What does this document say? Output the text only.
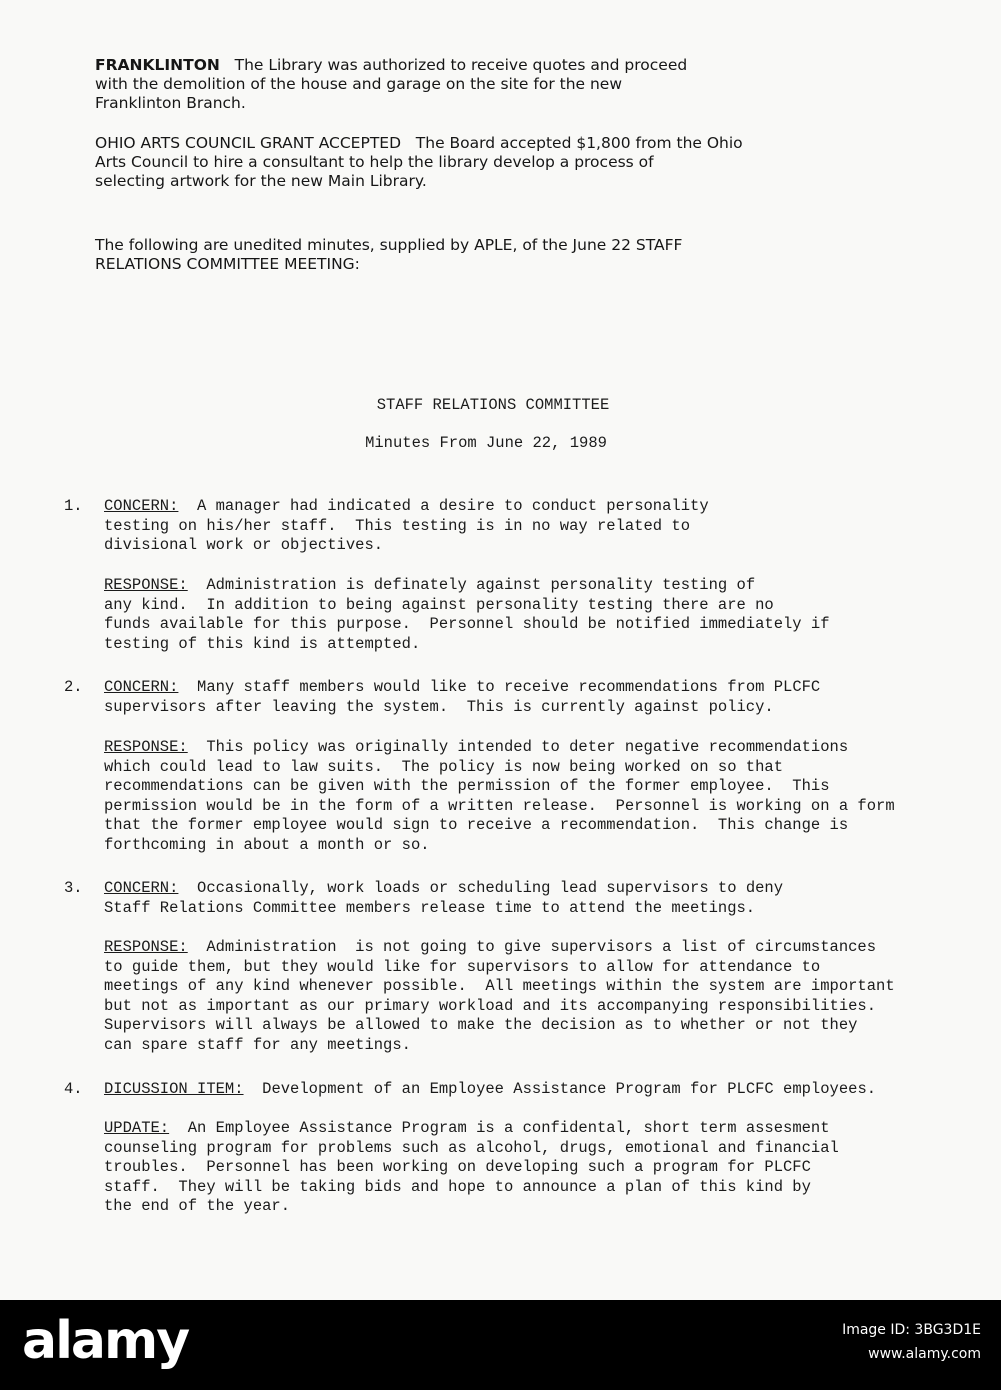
FRANKLINTON The Library was authorized to receive quotes and proceed
with the demolition of the house and garage on the site for the new
Franklinton Branch.
OHIO ARTS COUNCIL GRANT ACCEPTED The Board accepted $1,800 from the Ohio
Arts Council to hire a consultant to help the library develop a process of
selecting artwork for the new Main Library.
The following are unedited minutes, supplied by APLE, of the June 22 STAFF
RELATIONS COMMITTEE MEETING:
STAFF RELATIONS COMMITTEE
Minutes From June 22, 1989
1. CONCERN: A manager had indicated a desire to conduct personality
testing on his/her staff.  This testing is in no way related to
divisional work or objectives.
RESPONSE: Administration is definately against personality testing of
any kind.  In addition to being against personality testing there are no
funds available for this purpose.  Personnel should be notified immediately if
testing of this kind is attempted.
2. CONCERN: Many staff members would like to receive recommendations from PLCFC
supervisors after leaving the system.  This is currently against policy.
RESPONSE: This policy was originally intended to deter negative recommendations
which could lead to law suits.  The policy is now being worked on so that
recommendations can be given with the permission of the former employee.  This
permission would be in the form of a written release.  Personnel is working on a form
that the former employee would sign to receive a recommendation.  This change is
forthcoming in about a month or so.
3. CONCERN: Occasionally, work loads or scheduling lead supervisors to deny
Staff Relations Committee members release time to attend the meetings.
RESPONSE: Administration  is not going to give supervisors a list of circumstances
to guide them, but they would like for supervisors to allow for attendance to
meetings of any kind whenever possible.  All meetings within the system are important
but not as important as our primary workload and its accompanying responsibilities.
Supervisors will always be allowed to make the decision as to whether or not they
can spare staff for any meetings.
4. DICUSSION ITEM: Development of an Employee Assistance Program for PLCFC employees.
UPDATE: An Employee Assistance Program is a confidental, short term assesment
counseling program for problems such as alcohol, drugs, emotional and financial
troubles.  Personnel has been working on developing such a program for PLCFC
staff.  They will be taking bids and hope to announce a plan of this kind by
the end of the year.
alamy	Image ID: 3BG3D1E
www.alamy.com
